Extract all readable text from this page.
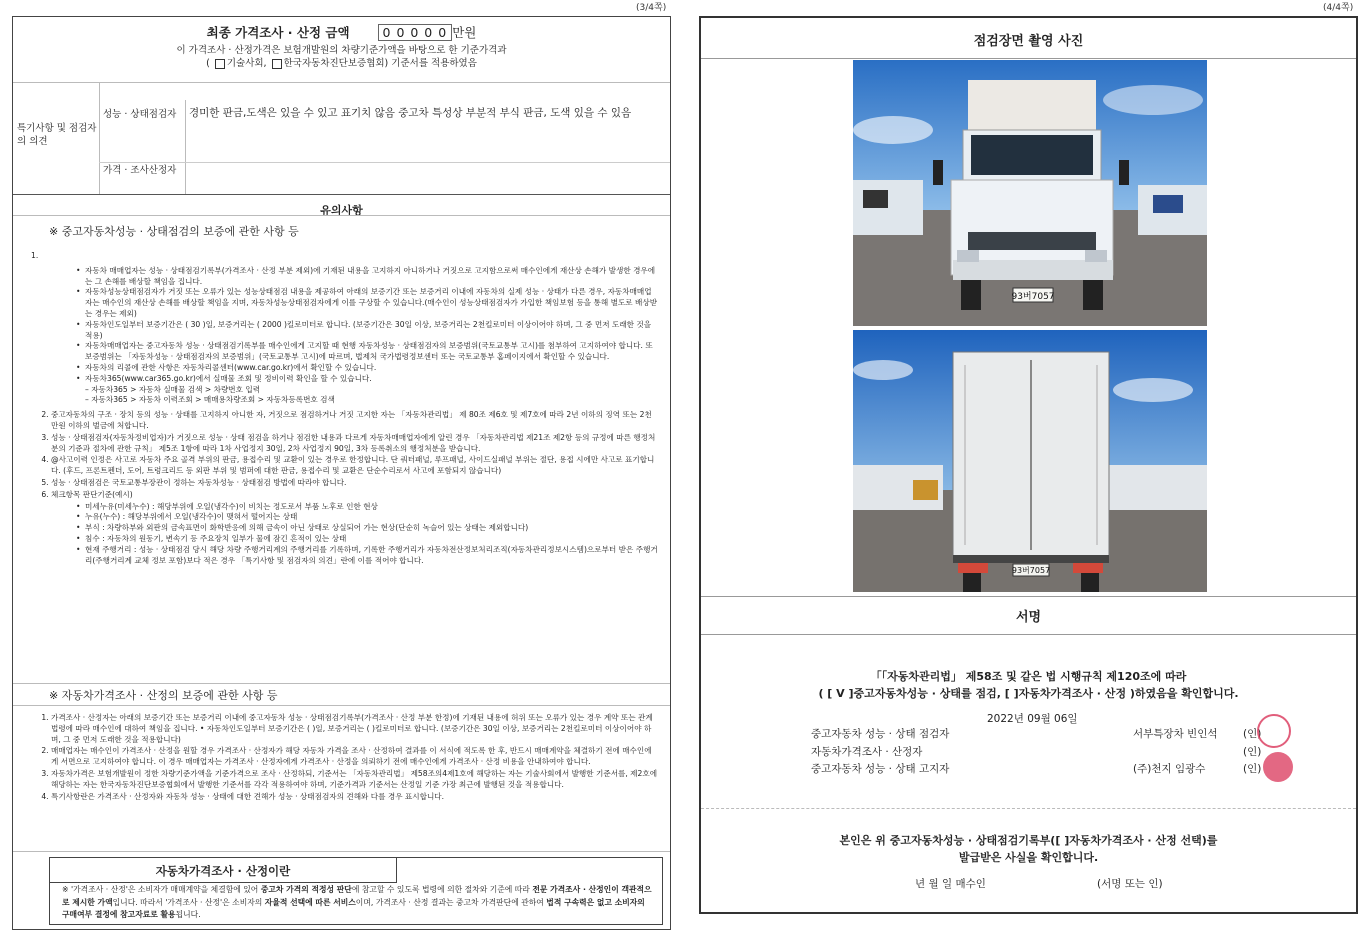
(3/4쪽)
최종 가격조사 · 산정 금액	0 0 0 0 0 만원
이 가격조사 · 산정가격은 보험개발원의 차량기준가액을 바탕으로 한 기준가격과
( 기술사회, 한국자동차진단보증협회) 기준서를 적용하였음
특기사항 및 점검자의 의견
성능 · 상태점검자	경미한 판금,도색은 있을 수 있고 표기치 않음 중고차 특성상 부분적 부식 판금, 도색 있을 수 있음
가격 · 조사산정자
유의사항
※ 중고자동차성능 · 상태점검의 보증에 관한 사항 등
1.
• 자동차 매매업자는 성능 · 상태점검기록부(가격조사 · 산정 부분 제외)에 기재된 내용을 고지하지 아니하거나 거짓으로 고지함으로써 매수인에게 재산상 손해가 발생한 경우에는 그 손해를 배상할 책임을 집니다.
• 자동차성능상태점검자가 거짓 또는 오류가 있는 성능상태점검 내용을 제공하여 아래의 보증기간 또는 보증거리 이내에 자동차의 실제 성능 · 상태가 다른 경우, 자동차매매업자는 매수인의 재산상 손해를 배상할 책임을 지며, 자동차성능상태점검자에게 이를 구상할 수 있습니다.(매수인이 성능상태점검자가 가입한 책임보험 등을 통해 별도로 배상받는 경우는 제외)
• 자동차인도일부터 보증기간은 ( 30 )일, 보증거리는 ( 2000 )킬로미터로 합니다. (보증기간은 30일 이상, 보증거리는 2천킬로미터 이상이어야 하며, 그 중 먼저 도래한 것을 적용)
• 자동차매매업자는 중고자동차 성능 · 상태점검기록부를 매수인에게 고지할 때 현행 자동차성능 · 상태점검자의 보증범위(국토교통부 고시)를 첨부하여 고지하여야 합니다. 또 보증범위는 「자동차성능 · 상태점검자의 보증범위」(국토교통부 고시)에 따르며, 법제처 국가법령정보센터 또는 국토교통부 홈페이지에서 확인할 수 있습니다.
• 자동차의 리콜에 관한 사항은 자동차리콜센터(www.car.go.kr)에서 확인할 수 있습니다.
• 자동차365(www.car365.go.kr)에서 실매물 조회 및 정비이력 확인을 할 수 있습니다.
– 자동차365 > 자동차 실매물 검색 > 차량번호 입력
– 자동차365 > 자동차 이력조회 > 매매용차량조회 > 자동차등록번호 검색
2. 중고자동차의 구조 · 장치 등의 성능 · 상태를 고지하지 아니한 자, 거짓으로 점검하거나 거짓 고지한 자는 「자동차관리법」 제 80조 제6호 및 제7호에 따라 2년 이하의 징역 또는 2천만원 이하의 벌금에 처합니다.
3. 성능 · 상태점검자(자동차정비업자)가 거짓으로 성능 · 상태 점검을 하거나 점검한 내용과 다르게 자동차매매업자에게 알린 경우 「자동차관리법 제21조 제2항 등의 규정에 따른 행정처분의 기준과 절차에 관한 규칙」 제5조 1항에 따라 1차 사업정지 30일, 2차 사업정지 90일, 3차 등록취소의 행정처분을 받습니다.
4. @사고이력 인정은 사고로 자동차 주요 골격 부위의 판금, 용접수리 및 교환이 있는 경우로 한정합니다. 단 쿼터패널, 루프패널, 사이드실패널 부위는 절단, 용접 시에만 사고로 표기합니다. (후드, 프론트펜더, 도어, 트렁크리드 등 외판 부위 및 범퍼에 대한 판금, 용접수리 및 교환은 단순수리로서 사고에 포함되지 않습니다)
5. 성능 · 상태점검은 국토교통부장관이 정하는 자동차성능 · 상태점검 방법에 따라야 합니다.
6. 체크항목 판단기준(예시)
• 미세누유(미세누수) : 해당부위에 오일(냉각수)이 비치는 정도로서 부품 노후로 인한 현상
• 누유(누수) : 해당부위에서 오일(냉각수)이 맺혀서 떨어지는 상태
• 부식 : 차량하부와 외판의 금속표면이 화학반응에 의해 금속이 아닌 상태로 상실되어 가는 현상(단순히 녹슬어 있는 상태는 제외합니다)
• 침수 : 자동차의 원동기, 변속기 등 주요장치 일부가 물에 잠긴 흔적이 있는 상태
• 현재 주행거리 : 성능 · 상태점검 당시 해당 차량 주행거리계의 주행거리를 기록하며, 기록한 주행거리가 자동차전산정보처리조직(자동차관리정보시스템)으로부터 받은 주행거리(주행거리계 교체 정보 포함)보다 적은 경우 「특기사항 및 점검자의 의견」란에 이를 적어야 합니다.
※ 자동차가격조사 · 산정의 보증에 관한 사항 등
1. 가격조사 · 산정자는 아래의 보증기간 또는 보증거리 이내에 중고자동차 성능 · 상태점검기록부(가격조사 · 산정 부분 한정)에 기재된 내용에 허위 또는 오류가 있는 경우 계약 또는 관계법령에 따라 매수인에 대하여 책임을 집니다. • 자동차인도일부터 보증기간은 ( )일, 보증거리는 ( )킬로미터로 합니다. (보증기간은 30일 이상, 보증거리는 2천킬로미터 이상이어야 하며, 그 중 먼저 도래한 것을 적용합니다)
2. 매매업자는 매수인이 가격조사 · 산정을 원할 경우 가격조사 · 산정자가 해당 자동차 가격을 조사 · 산정하여 결과를 이 서식에 적도록 한 후, 반드시 매매계약을 체결하기 전에 매수인에게 서면으로 고지하여야 합니다. 이 경우 매매업자는 가격조사 · 산정자에게 가격조사 · 산정을 의뢰하기 전에 매수인에게 가격조사 · 산정 비용을 안내하여야 합니다.
3. 자동차가격은 보험개발원이 정한 차량기준가액을 기준가격으로 조사 · 산정하되, 기준서는 「자동차관리법」 제58조의4제1호에 해당하는 자는 기술사회에서 발행한 기준서를, 제2호에 해당하는 자는 한국자동차진단보증협회에서 발행한 기준서를 각각 적용하여야 하며, 기준가격과 기준서는 산정일 기준 가장 최근에 발행된 것을 적용합니다.
4. 특기사항란은 가격조사 · 산정자와 자동차 성능 · 상태에 대한 견해가 성능 · 상태점검자의 견해와 다를 경우 표시합니다.
자동차가격조사 · 산정이란
※ '가격조사 · 산정'은 소비자가 매매계약을 체결함에 있어 중고차 가격의 적정성 판단에 참고할 수 있도록 법령에 의한 절차와 기준에 따라 전문 가격조사 · 산정인이 객관적으로 제시한 가액입니다. 따라서 '가격조사 · 산정'은 소비자의 자율적 선택에 따른 서비스이며, 가격조사 · 산정 결과는 중고차 가격판단에 관하여 법적 구속력은 없고 소비자의 구매여부 결정에 참고자료로 활용됩니다.
(4/4쪽)
점검장면 촬영 사진
93버7057
93버7057
서명
「「자동차관리법」 제58조 및 같은 법 시행규칙 제120조에 따라
( [ V ]중고자동차성능 · 상태를 점검, [ ]자동차가격조사 · 산정 )하였음을 확인합니다.
2022년 09월 06일
중고자동차 성능 · 상태 점검자	서부특장차 빈인석 (인)
자동차가격조사 · 산정자	(인)
중고자동차 성능 · 상태 고지자	(주)천지 임광수	(인)
본인은 위 중고자동차성능 · 상태점검기록부([ ]자동차가격조사 · 산정 선택)를
발급받은 사실을 확인합니다.
년 월 일 매수인	(서명 또는 인)
